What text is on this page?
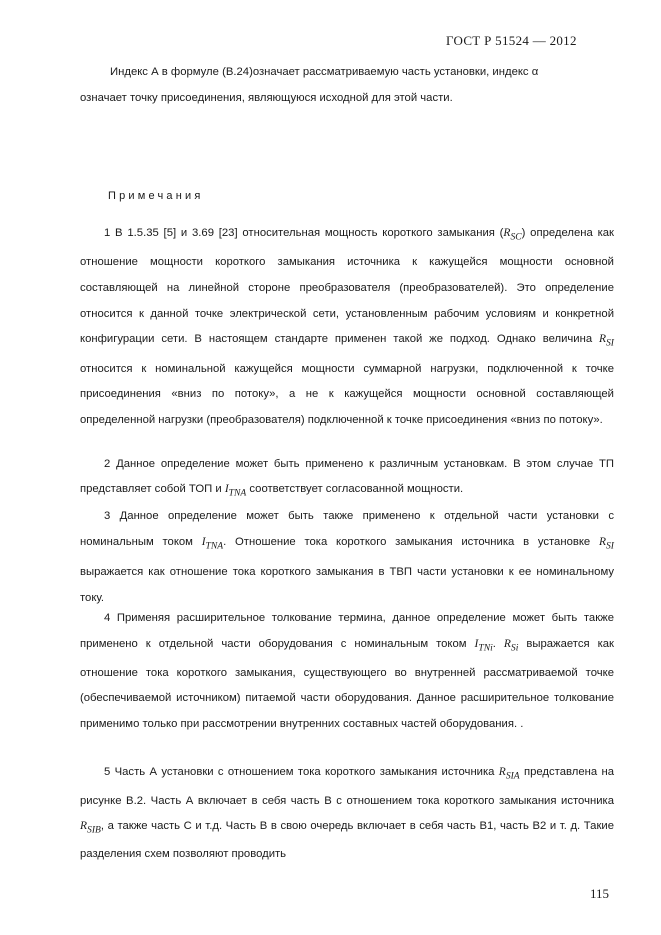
ГОСТ Р 51524 — 2012
Индекс А в формуле (В.24)означает рассматриваемую часть установки, индекс α
означает точку присоединения, являющуюся исходной для этой части.
Примечания

1 В 1.5.35 [5] и 3.69 [23] относительная мощность короткого замыкания $(R_{SC})$ определена как отношение мощности короткого замыкания источника к кажущейся мощности основной составляющей на линейной стороне преобразователя (преобразователей). Это определение относится к данной точке электрической сети, установленным рабочим условиям и конкретной конфигурации сети. В настоящем стандарте применен такой же подход. Однако величина $R_{SI}$ относится к номинальной кажущейся мощности суммарной нагрузки, подключенной к точке присоединения «вниз по потоку», а не к кажущейся мощности основной составляющей определенной нагрузки (преобразователя) подключенной к точке присоединения «вниз по потоку».

2 Данное определение может быть применено к различным установкам. В этом случае ТП представляет собой ТОП и $I_{TNA}$ соответствует согласованной мощности.

3 Данное определение может быть также применено к отдельной части установки с номинальным током $I_{TNA}$. Отношение тока короткого замыкания источника в установке $R_{SI}$ выражается как отношение тока короткого замыкания в ТВП части установки к ее номинальному току.

4 Применяя расширительное толкование термина, данное определение может быть также применено к отдельной части оборудования с номинальным током $I_{TNi}$. $R_{Si}$ выражается как отношение тока короткого замыкания, существующего во внутренней рассматриваемой точке (обеспечиваемой источником) питаемой части оборудования. Данное расширительное толкование применимо только при рассмотрении внутренних составных частей оборудования. .

5 Часть А установки с отношением тока короткого замыкания источника $R_{SIA}$ представлена на рисунке В.2. Часть А включает в себя часть В с отношением тока короткого замыкания источника $R_{SIB}$, а также часть С и т.д. Часть В в свою очередь включает в себя часть В1, часть В2 и т. д. Такие разделения схем позволяют проводить

115
